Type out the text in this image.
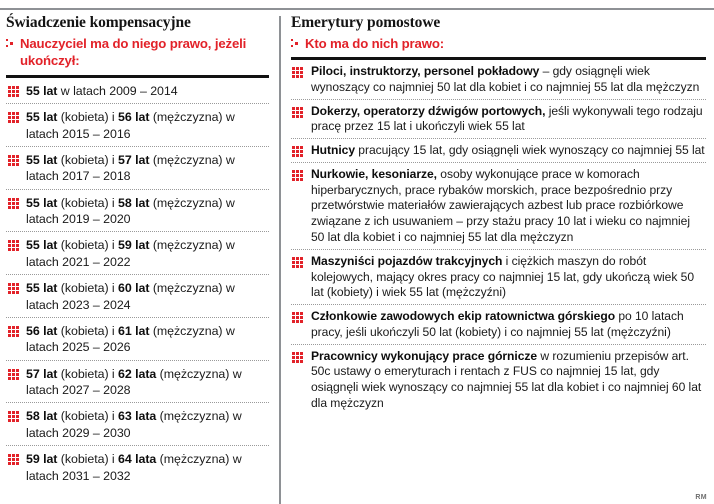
Świadczenie kompensacyjne
Nauczyciel ma do niego prawo, jeżeli ukończył:
55 lat w latach 2009 – 2014
55 lat (kobieta) i 56 lat (mężczyzna) w latach 2015 – 2016
55 lat (kobieta) i 57 lat (mężczyzna) w latach 2017 – 2018
55 lat (kobieta) i 58 lat (mężczyzna) w latach 2019 – 2020
55 lat (kobieta) i 59 lat (mężczyzna) w latach 2021 – 2022
55 lat (kobieta) i 60 lat (mężczyzna) w latach 2023 – 2024
56 lat (kobieta) i 61 lat (mężczyzna) w latach 2025 – 2026
57 lat (kobieta) i 62 lata (mężczyzna) w latach 2027 – 2028
58 lat (kobieta) i 63 lata (mężczyzna) w latach 2029 – 2030
59 lat (kobieta) i 64 lata (mężczyzna) w latach 2031 – 2032
Emerytury pomostowe
Kto ma do nich prawo:
Piloci, instruktorzy, personel pokładowy – gdy osiągnęli wiek wynoszący co najmniej 50 lat dla kobiet i co najmniej 55 lat dla mężczyzn
Dokerzy, operatorzy dźwigów portowych, jeśli wykonywali tego rodzaju pracę przez 15 lat i ukończyli wiek 55 lat
Hutnicy pracujący 15 lat, gdy osiągnęli wiek wynoszący co najmniej 55 lat
Nurkowie, kesoniarze, osoby wykonujące prace w komorach hiperbarycznych, prace rybaków morskich, prace bezpośrednio przy przetwórstwie materiałów zawierających azbest lub prace rozbiórkowe związane z ich usuwaniem – przy stażu pracy 10 lat i wieku co najmniej 50 lat dla kobiet i co najmniej 55 lat dla mężczyzn
Maszyniści pojazdów trakcyjnych i ciężkich maszyn do robót kolejowych, mający okres pracy co najmniej 15 lat, gdy ukończą wiek 50 lat (kobiety) i wiek 55 lat (mężczyźni)
Członkowie zawodowych ekip ratownictwa górskiego po 10 latach pracy, jeśli ukończyli 50 lat (kobiety) i co najmniej 55 lat (mężczyźni)
Pracownicy wykonujący prace górnicze w rozumieniu przepisów art. 50c ustawy o emeryturach i rentach z FUS co najmniej 15 lat, gdy osiągnęli wiek wynoszący co najmniej 55 lat dla kobiet i co najmniej 60 lat dla mężczyzn
RM
